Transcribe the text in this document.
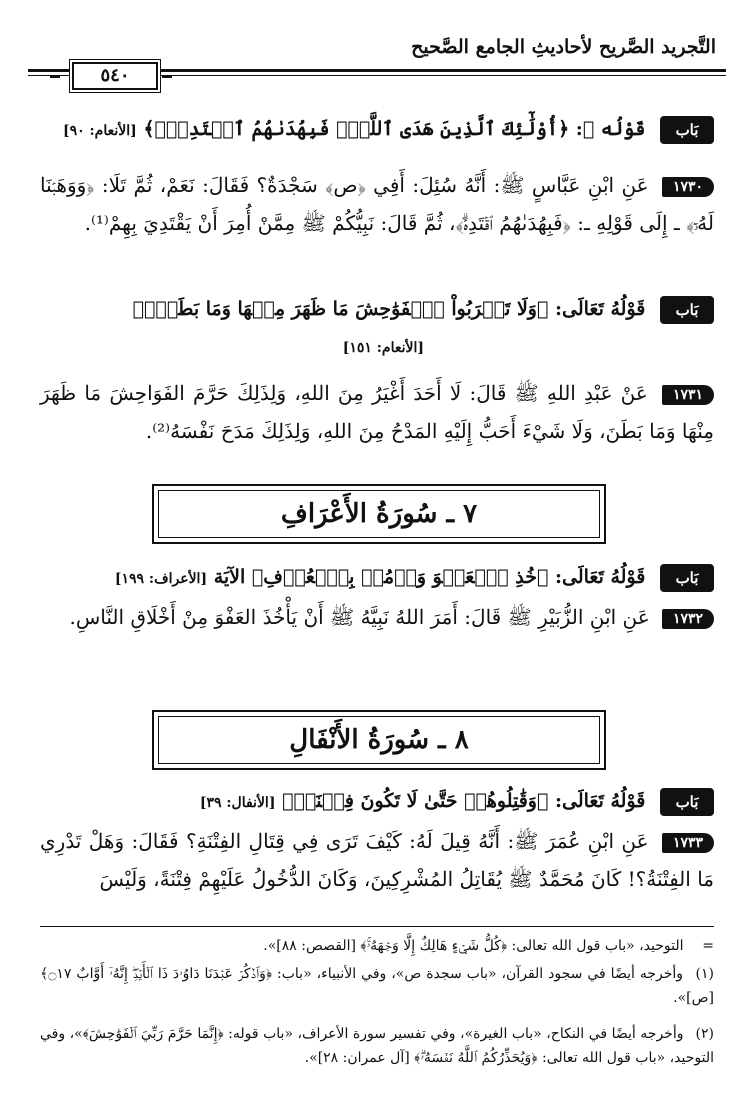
التَّجريد الصَّريح لأحاديثِ الجامع الصَّحيح
٥٤٠
بَاب قَوْلُه ﷺ: ﴿أُوْلَٰٓئِكَ ٱلَّذِينَ هَدَى ٱللَّهُۖ فَبِهُدَىٰهُمُ ٱقۡتَدِهۡۗ﴾ [الأنعام: ٩٠]
١٧٣٠ عَنِ ابْنِ عَبَّاسٍ ﷺ: أَنَّهُ سُئِلَ: أَفِي ﴿ص﴾ سَجْدَةٌ؟ فَقَالَ: نَعَمْ، ثُمَّ تَلَا: ﴿وَوَهَبۡنَا لَهُۥٓ﴾ ـ إِلَى قَوْلِهِ ـ: ﴿فَبِهُدَىٰهُمُ ٱقۡتَدِهۡۗ﴾، ثُمَّ قَالَ: نَبِيُّكُمْ ﷺ مِمَّنْ أُمِرَ أَنْ يَقْتَدِيَ بِهِمْ⁽¹⁾.
بَاب قَوْلُهُ تَعَالَى: ﴿وَلَا تَقۡرَبُواْ ٱلۡفَوَٰحِشَ مَا ظَهَرَ مِنۡهَا وَمَا بَطَنَۖ﴾
[الأنعام: ١٥١]
١٧٣١ عَنْ عَبْدِ اللهِ ﷺ قَالَ: لَا أَحَدَ أَغْيَرُ مِنَ اللهِ، وَلِذَلِكَ حَرَّمَ الفَوَاحِشَ مَا ظَهَرَ مِنْهَا وَمَا بَطَنَ، وَلَا شَيْءَ أَحَبُّ إِلَيْهِ المَدْحُ مِنَ اللهِ، وَلِذَلِكَ مَدَحَ نَفْسَهُ⁽²⁾.
٧ ـ سُورَةُ الأَعْرَافِ
بَاب قَوْلُهُ تَعَالَى: ﴿خُذِ ٱلۡعَفۡوَ وَأۡمُرۡ بِٱلۡعُرۡفِ﴾ الآيَة [الأعراف: ١٩٩]
١٧٣٢ عَنِ ابْنِ الزُّبَيْرِ ﷺ قَالَ: أَمَرَ اللهُ نَبِيَّهُ ﷺ أَنْ يَأْخُذَ العَفْوَ مِنْ أَخْلَاقِ النَّاسِ.
٨ ـ سُورَةُ الأَنْفَالِ
بَاب قَوْلُهُ تَعَالَى: ﴿وَقَٰتِلُوهُمۡ حَتَّىٰ لَا تَكُونَ فِتۡنَةٞ﴾ [الأنفال: ٣٩]
١٧٣٣ عَنِ ابْنِ عُمَرَ ﷺ: أَنَّهُ قِيلَ لَهُ: كَيْفَ تَرَى فِي قِتَالِ الفِتْنَةِ؟ فَقَالَ: وَهَلْ تَدْرِي مَا الفِتْنَةُ؟! كَانَ مُحَمَّدٌ ﷺ يُقَاتِلُ المُشْرِكِينَ، وَكَانَ الدُّخُولُ عَلَيْهِمْ فِتْنَةً، وَلَيْسَ
= التوحيد، «باب قول الله تعالى: ﴿كُلُّ شَيۡءٍ هَالِكٌ إِلَّا وَجۡهَهُۥۚ﴾ [القصص: ٨٨]».
(١) وأخرجه أيضًا في سجود القرآن، «باب سجدة ص»، وفي الأنبياء، «باب: ﴿وَٱذۡكُرۡ عَبۡدَنَا دَاوُۥدَ ذَا ٱلۡأَيۡدِۖ إِنَّهُۥٓ أَوَّابٌ ۝١٧﴾ [ص]».
(٢) وأخرجه أيضًا في النكاح، «باب الغيرة»، وفي تفسير سورة الأعراف، «باب قوله: ﴿إِنَّمَا حَرَّمَ رَبِّيَ ٱلۡفَوَٰحِشَ﴾»، وفي التوحيد، «باب قول الله تعالى: ﴿وَيُحَذِّرُكُمُ ٱللَّهُ نَفۡسَهُۥۗ﴾ [آل عمران: ٢٨]».
